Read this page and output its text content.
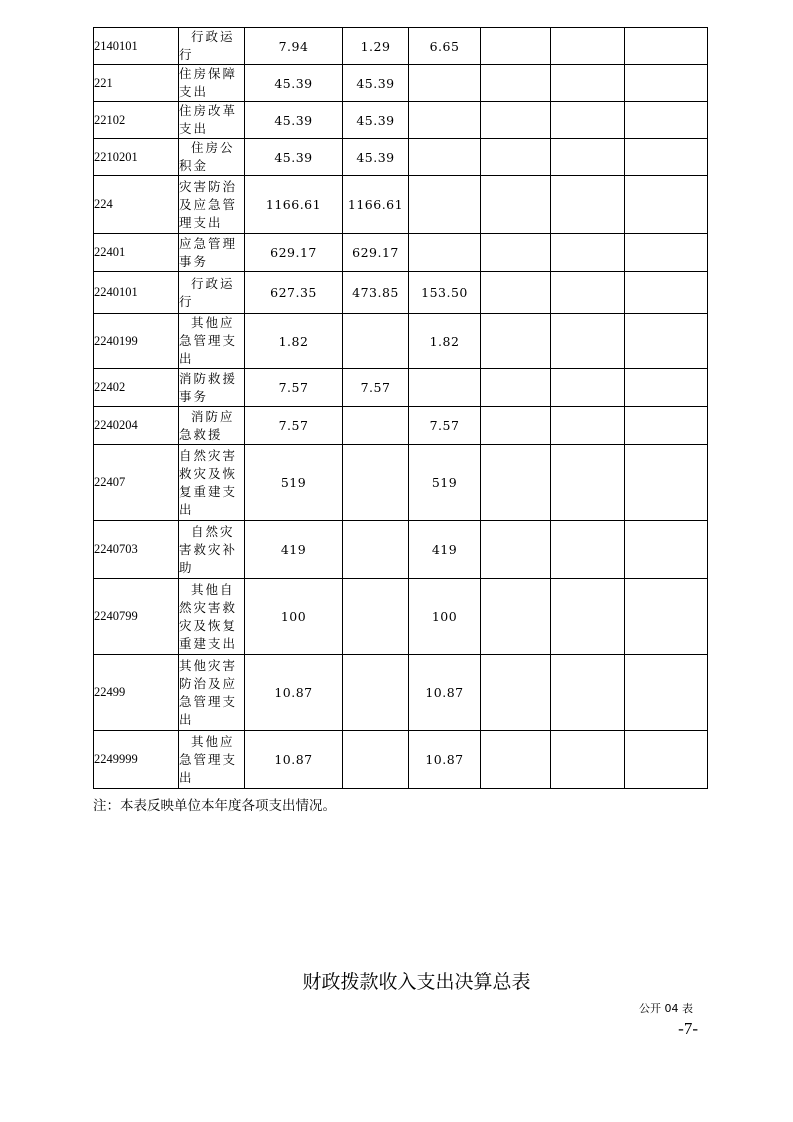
2140101	行政运行	7.94	1.29	6.65			
221	住房保障支出	45.39	45.39				
22102	住房改革支出	45.39	45.39				
2210201	住房公积金	45.39	45.39				
224	灾害防治及应急管理支出	1166.61	1166.61				
22401	应急管理事务	629.17	629.17				
2240101	行政运行	627.35	473.85	153.50			
2240199	其他应急管理支出	1.82		1.82			
22402	消防救援事务	7.57	7.57				
2240204	消防应急救援	7.57		7.57			
22407	自然灾害救灾及恢复重建支出	519		519			
2240703	自然灾害救灾补助	419		419			
2240799	其他自然灾害救灾及恢复重建支出	100		100			
22499	其他灾害防治及应急管理支出	10.87		10.87			
2249999	其他应急管理支出	10.87		10.87			
注：本表反映单位本年度各项支出情况。
财政拨款收入支出决算总表
公开 04 表
-7-
